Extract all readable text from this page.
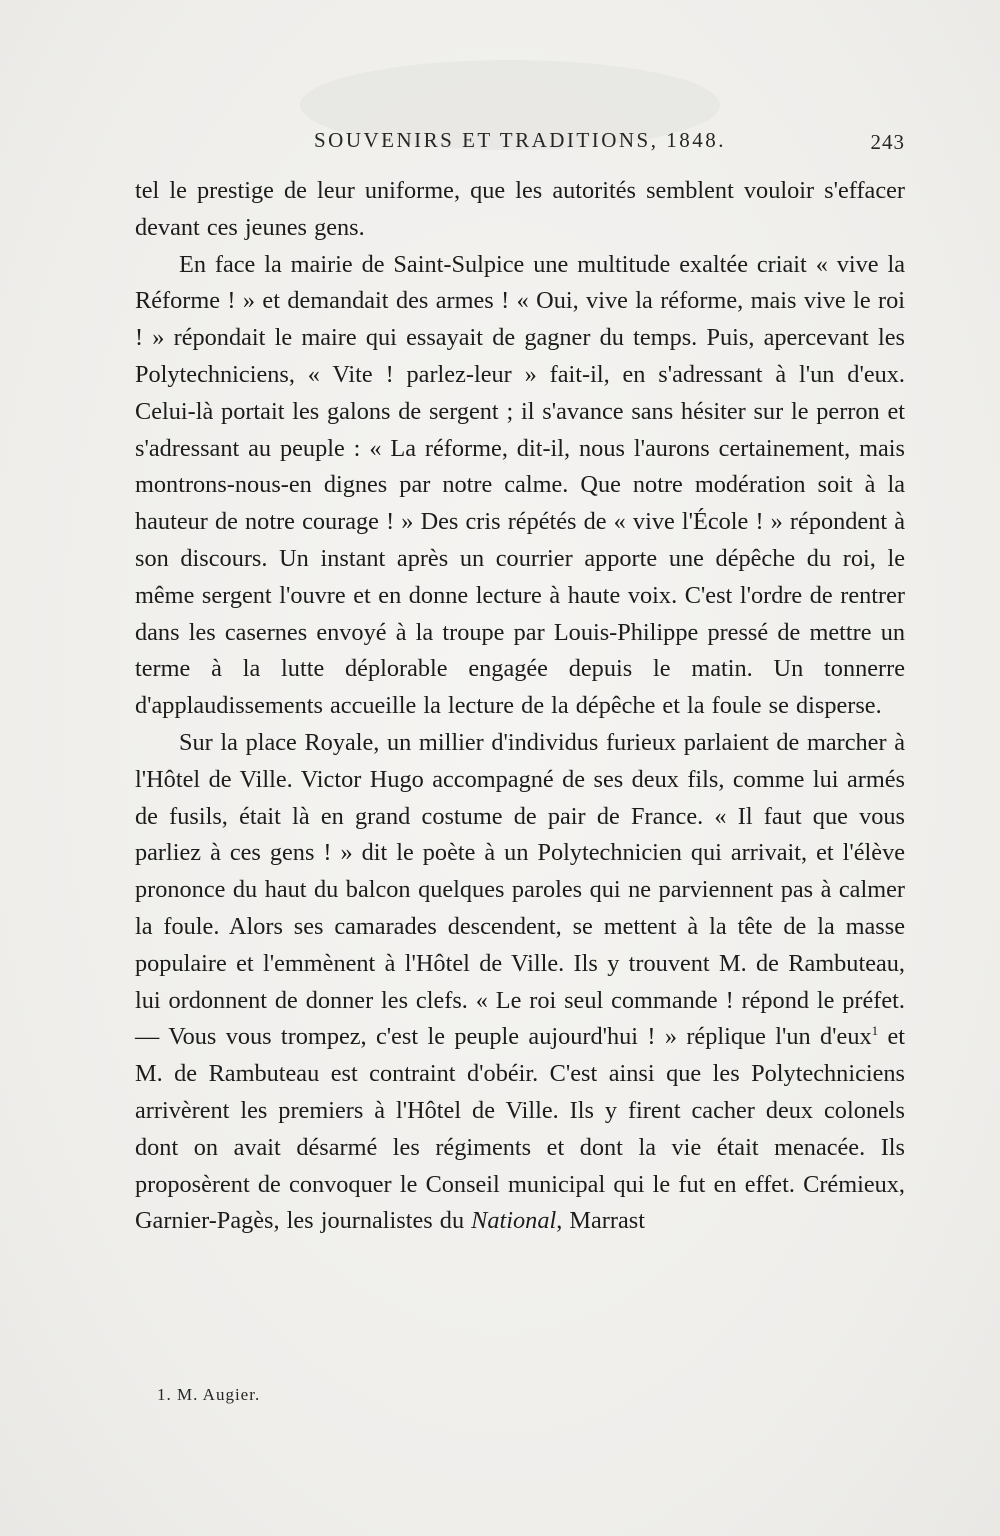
SOUVENIRS ET TRADITIONS, 1848.	243

tel le prestige de leur uniforme, que les autorités semblent vouloir s'effacer devant ces jeunes gens.

En face la mairie de Saint-Sulpice une multitude exaltée criait « vive la Réforme ! » et demandait des armes ! « Oui, vive la réforme, mais vive le roi ! » répondait le maire qui essayait de gagner du temps. Puis, apercevant les Polytechniciens, « Vite ! parlez-leur » fait-il, en s'adressant à l'un d'eux. Celui-là portait les galons de sergent ; il s'avance sans hésiter sur le perron et s'adressant au peuple : « La réforme, dit-il, nous l'aurons certainement, mais montrons-nous-en dignes par notre calme. Que notre modération soit à la hauteur de notre courage ! » Des cris répétés de « vive l'École ! » répondent à son discours. Un instant après un courrier apporte une dépêche du roi, le même sergent l'ouvre et en donne lecture à haute voix. C'est l'ordre de rentrer dans les casernes envoyé à la troupe par Louis-Philippe pressé de mettre un terme à la lutte déplorable engagée depuis le matin. Un tonnerre d'applaudissements accueille la lecture de la dépêche et la foule se disperse.

Sur la place Royale, un millier d'individus furieux parlaient de marcher à l'Hôtel de Ville. Victor Hugo accompagné de ses deux fils, comme lui armés de fusils, était là en grand costume de pair de France. « Il faut que vous parliez à ces gens ! » dit le poète à un Polytechnicien qui arrivait, et l'élève prononce du haut du balcon quelques paroles qui ne parviennent pas à calmer la foule. Alors ses camarades descendent, se mettent à la tête de la masse populaire et l'emmènent à l'Hôtel de Ville. Ils y trouvent M. de Rambuteau, lui ordonnent de donner les clefs. « Le roi seul commande ! répond le préfet. — Vous vous trompez, c'est le peuple aujourd'hui ! » réplique l'un d'eux$^1$ et M. de Rambuteau est contraint d'obéir. C'est ainsi que les Polytechniciens arrivèrent les premiers à l'Hôtel de Ville. Ils y firent cacher deux colonels dont on avait désarmé les régiments et dont la vie était menacée. Ils proposèrent de convoquer le Conseil municipal qui le fut en effet. Crémieux, Garnier-Pagès, les journalistes du National, Marrast

1. M. Augier.
